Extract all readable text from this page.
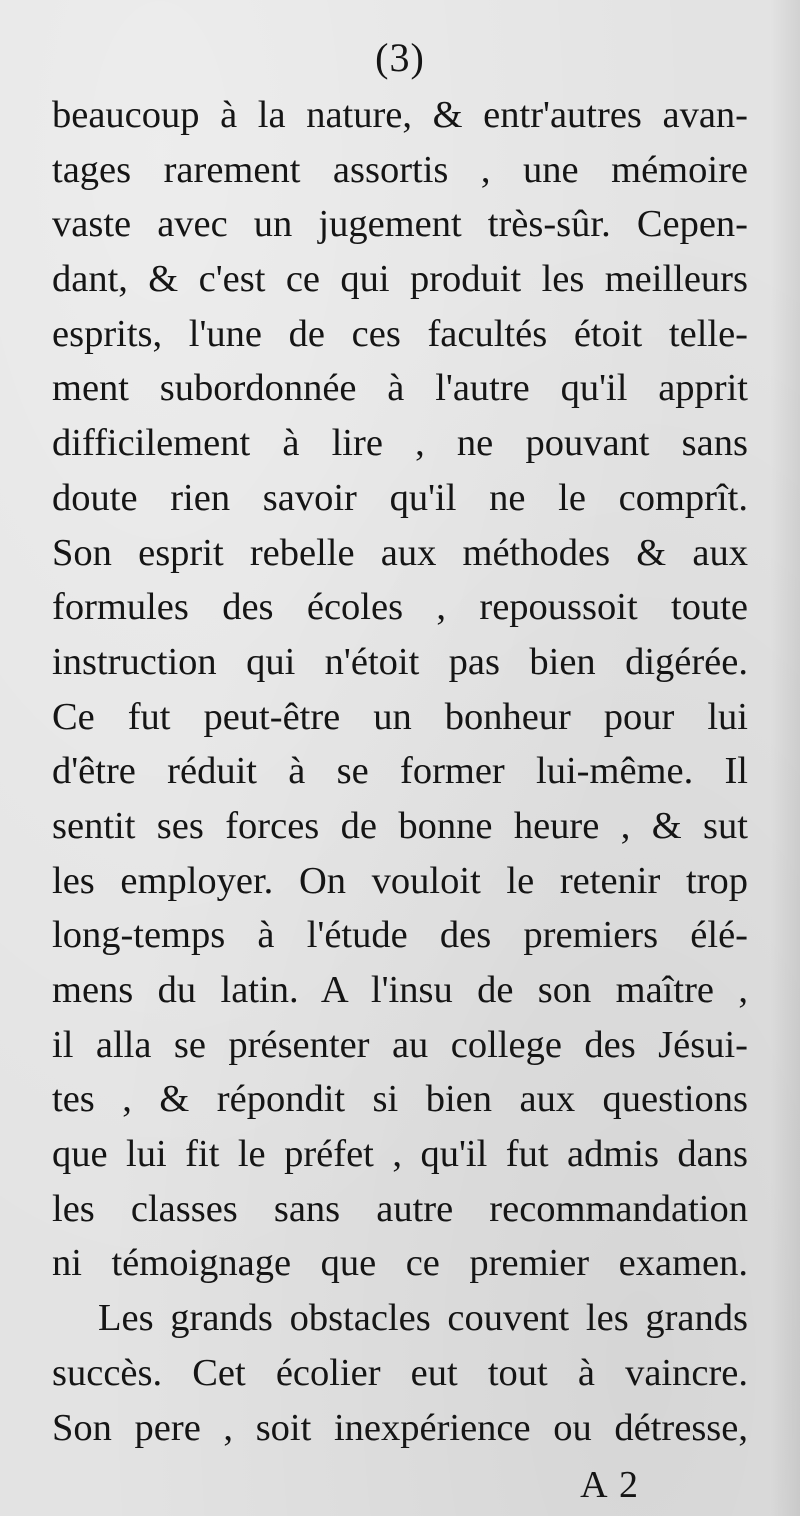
(3)
beaucoup à la nature, & entr'autres avan-
tages rarement assortis , une mémoire
vaste avec un jugement très-sûr. Cepen-
dant, & c'est ce qui produit les meilleurs
esprits, l'une de ces facultés étoit telle-
ment subordonnée à l'autre qu'il apprit
difficilement à lire , ne pouvant sans
doute rien savoir qu'il ne le comprît.
Son esprit rebelle aux méthodes & aux
formules des écoles , repoussoit toute
instruction qui n'étoit pas bien digérée.
Ce fut peut-être un bonheur pour lui
d'être réduit à se former lui-même. Il
sentit ses forces de bonne heure , & sut
les employer. On vouloit le retenir trop
long-temps à l'étude des premiers élé-
mens du latin. A l'insu de son maître ,
il alla se présenter au college des Jésui-
tes , & répondit si bien aux questions
que lui fit le préfet , qu'il fut admis dans
les classes sans autre recommandation
ni témoignage que ce premier examen.
Les grands obstacles couvent les grands
succès. Cet écolier eut tout à vaincre.
Son pere , soit inexpérience ou détresse,
A 2
